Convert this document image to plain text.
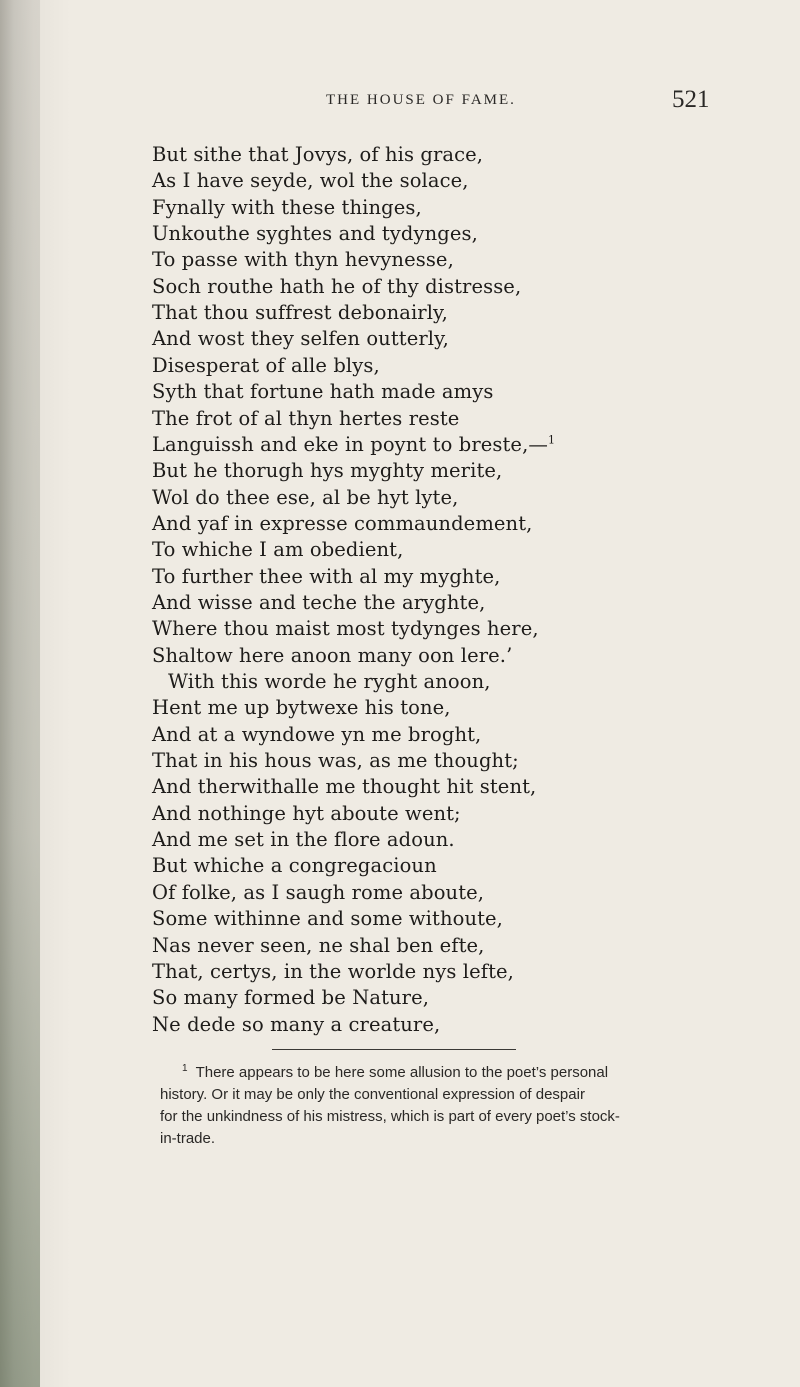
THE HOUSE OF FAME.	521
But sithe that Jovys, of his grace,
As I have seyde, wol the solace,
Fynally with these thinges,
Unkouthe syghtes and tydynges,
To passe with thyn hevynesse,
Soch routhe hath he of thy distresse,
That thou suffrest debonairly,
And wost they selfen outterly,
Disesperat of alle blys,
Syth that fortune hath made amys
The frot of al thyn hertes reste
Languissh and eke in poynt to breste,—$^1$
But he thorugh hys myghty merite,
Wol do thee ese, al be hyt lyte,
And yaf in expresse commaundement,
To whiche I am obedient,
To further thee with al my myghte,
And wisse and teche the aryghte,
Where thou maist most tydynges here,
Shaltow here anoon many oon lere.’
With this worde he ryght anoon,
Hent me up bytwexe his tone,
And at a wyndowe yn me broght,
That in his hous was, as me thought;
And therwithalle me thought hit stent,
And nothinge hyt aboute went;
And me set in the flore adoun.
But whiche a congregacioun
Of folke, as I saugh rome aboute,
Some withinne and some withoute,
Nas never seen, ne shal ben efte,
That, certys, in the worlde nys lefte,
So many formed be Nature,
Ne dede so many a creature,
$^1$ There appears to be here some allusion to the poet’s personal
history. Or it may be only the conventional expression of despair
for the unkindness of his mistress, which is part of every poet’s stock-
in-trade.
